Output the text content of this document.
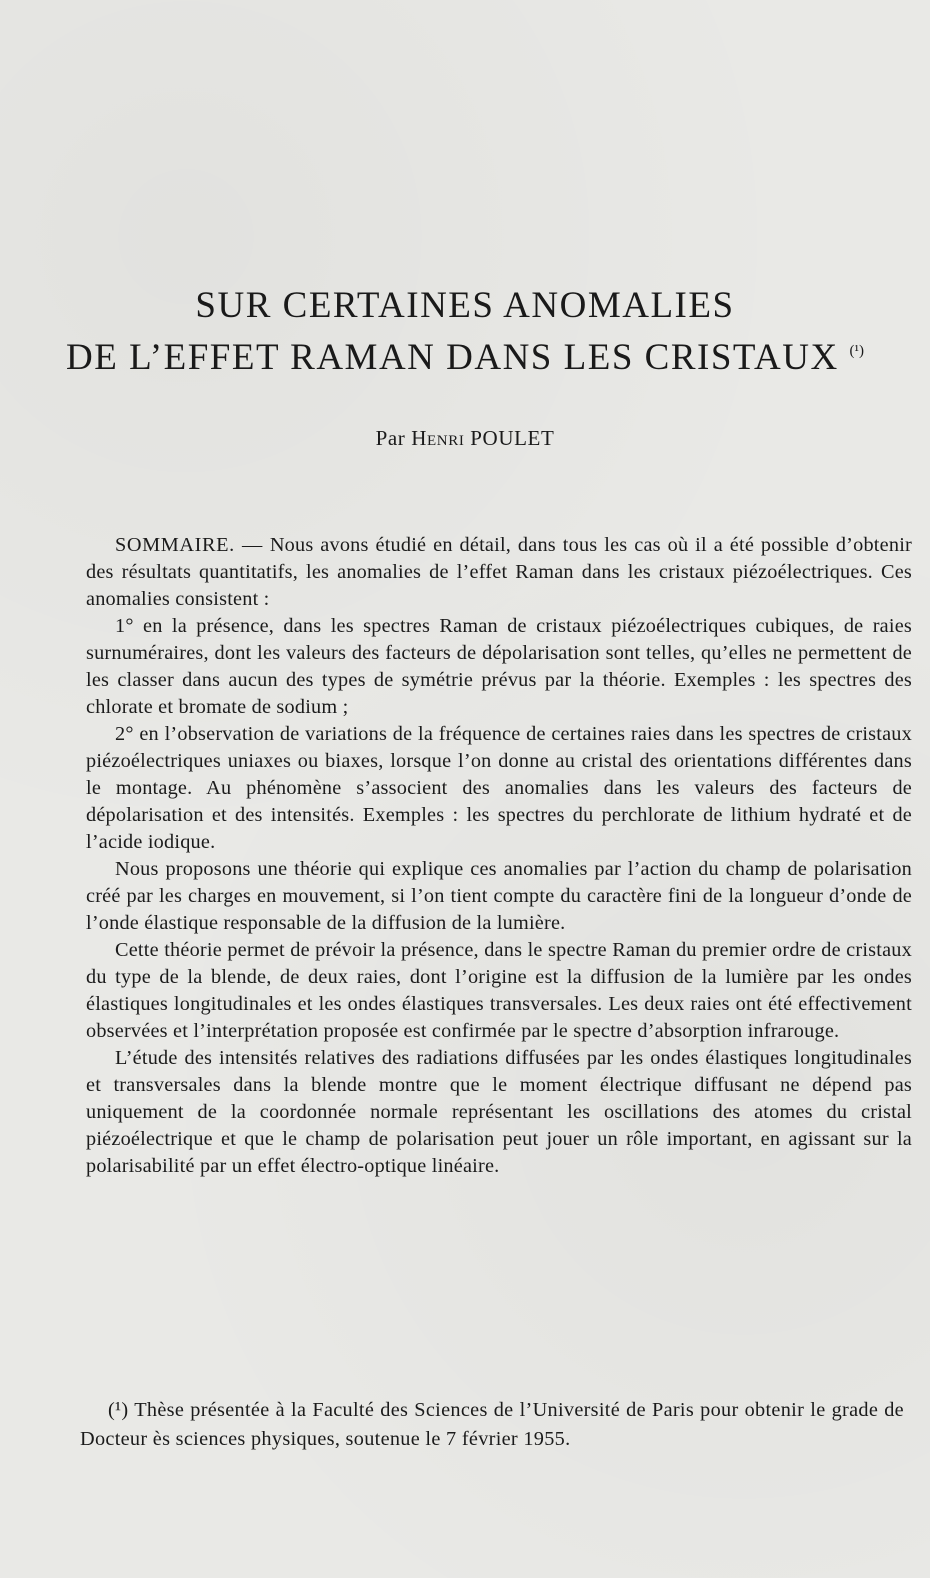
SUR CERTAINES ANOMALIES
DE L’EFFET RAMAN DANS LES CRISTAUX $^{(^1)}$
Par Henri POULET

SOMMAIRE. — Nous avons étudié en détail, dans tous les cas où il a été possible d’obtenir des résultats quantitatifs, les anomalies de l’effet Raman dans les cristaux piézoélectriques. Ces anomalies consistent :

1° en la présence, dans les spectres Raman de cristaux piézoélectriques cubiques, de raies surnuméraires, dont les valeurs des facteurs de dépolarisation sont telles, qu’elles ne permettent de les classer dans aucun des types de symétrie prévus par la théorie. Exemples : les spectres des chlorate et bromate de sodium ;

2° en l’observation de variations de la fréquence de certaines raies dans les spectres de cristaux piézoélectriques uniaxes ou biaxes, lorsque l’on donne au cristal des orientations différentes dans le montage. Au phénomène s’associent des anomalies dans les valeurs des facteurs de dépolarisation et des intensités. Exemples : les spectres du perchlorate de lithium hydraté et de l’acide iodique.

Nous proposons une théorie qui explique ces anomalies par l’action du champ de polarisation créé par les charges en mouvement, si l’on tient compte du caractère fini de la longueur d’onde de l’onde élastique responsable de la diffusion de la lumière.

Cette théorie permet de prévoir la présence, dans le spectre Raman du premier ordre de cristaux du type de la blende, de deux raies, dont l’origine est la diffusion de la lumière par les ondes élastiques longitudinales et les ondes élastiques transversales. Les deux raies ont été effectivement observées et l’interprétation proposée est confirmée par le spectre d’absorption infrarouge.

L’étude des intensités relatives des radiations diffusées par les ondes élastiques longitudinales et transversales dans la blende montre que le moment électrique diffusant ne dépend pas uniquement de la coordonnée normale représentant les oscillations des atomes du cristal piézoélectrique et que le champ de polarisation peut jouer un rôle important, en agissant sur la polarisabilité par un effet électro-optique linéaire.

(¹) Thèse présentée à la Faculté des Sciences de l’Université de Paris pour obtenir le grade de Docteur ès sciences physiques, soutenue le 7 février 1955.
